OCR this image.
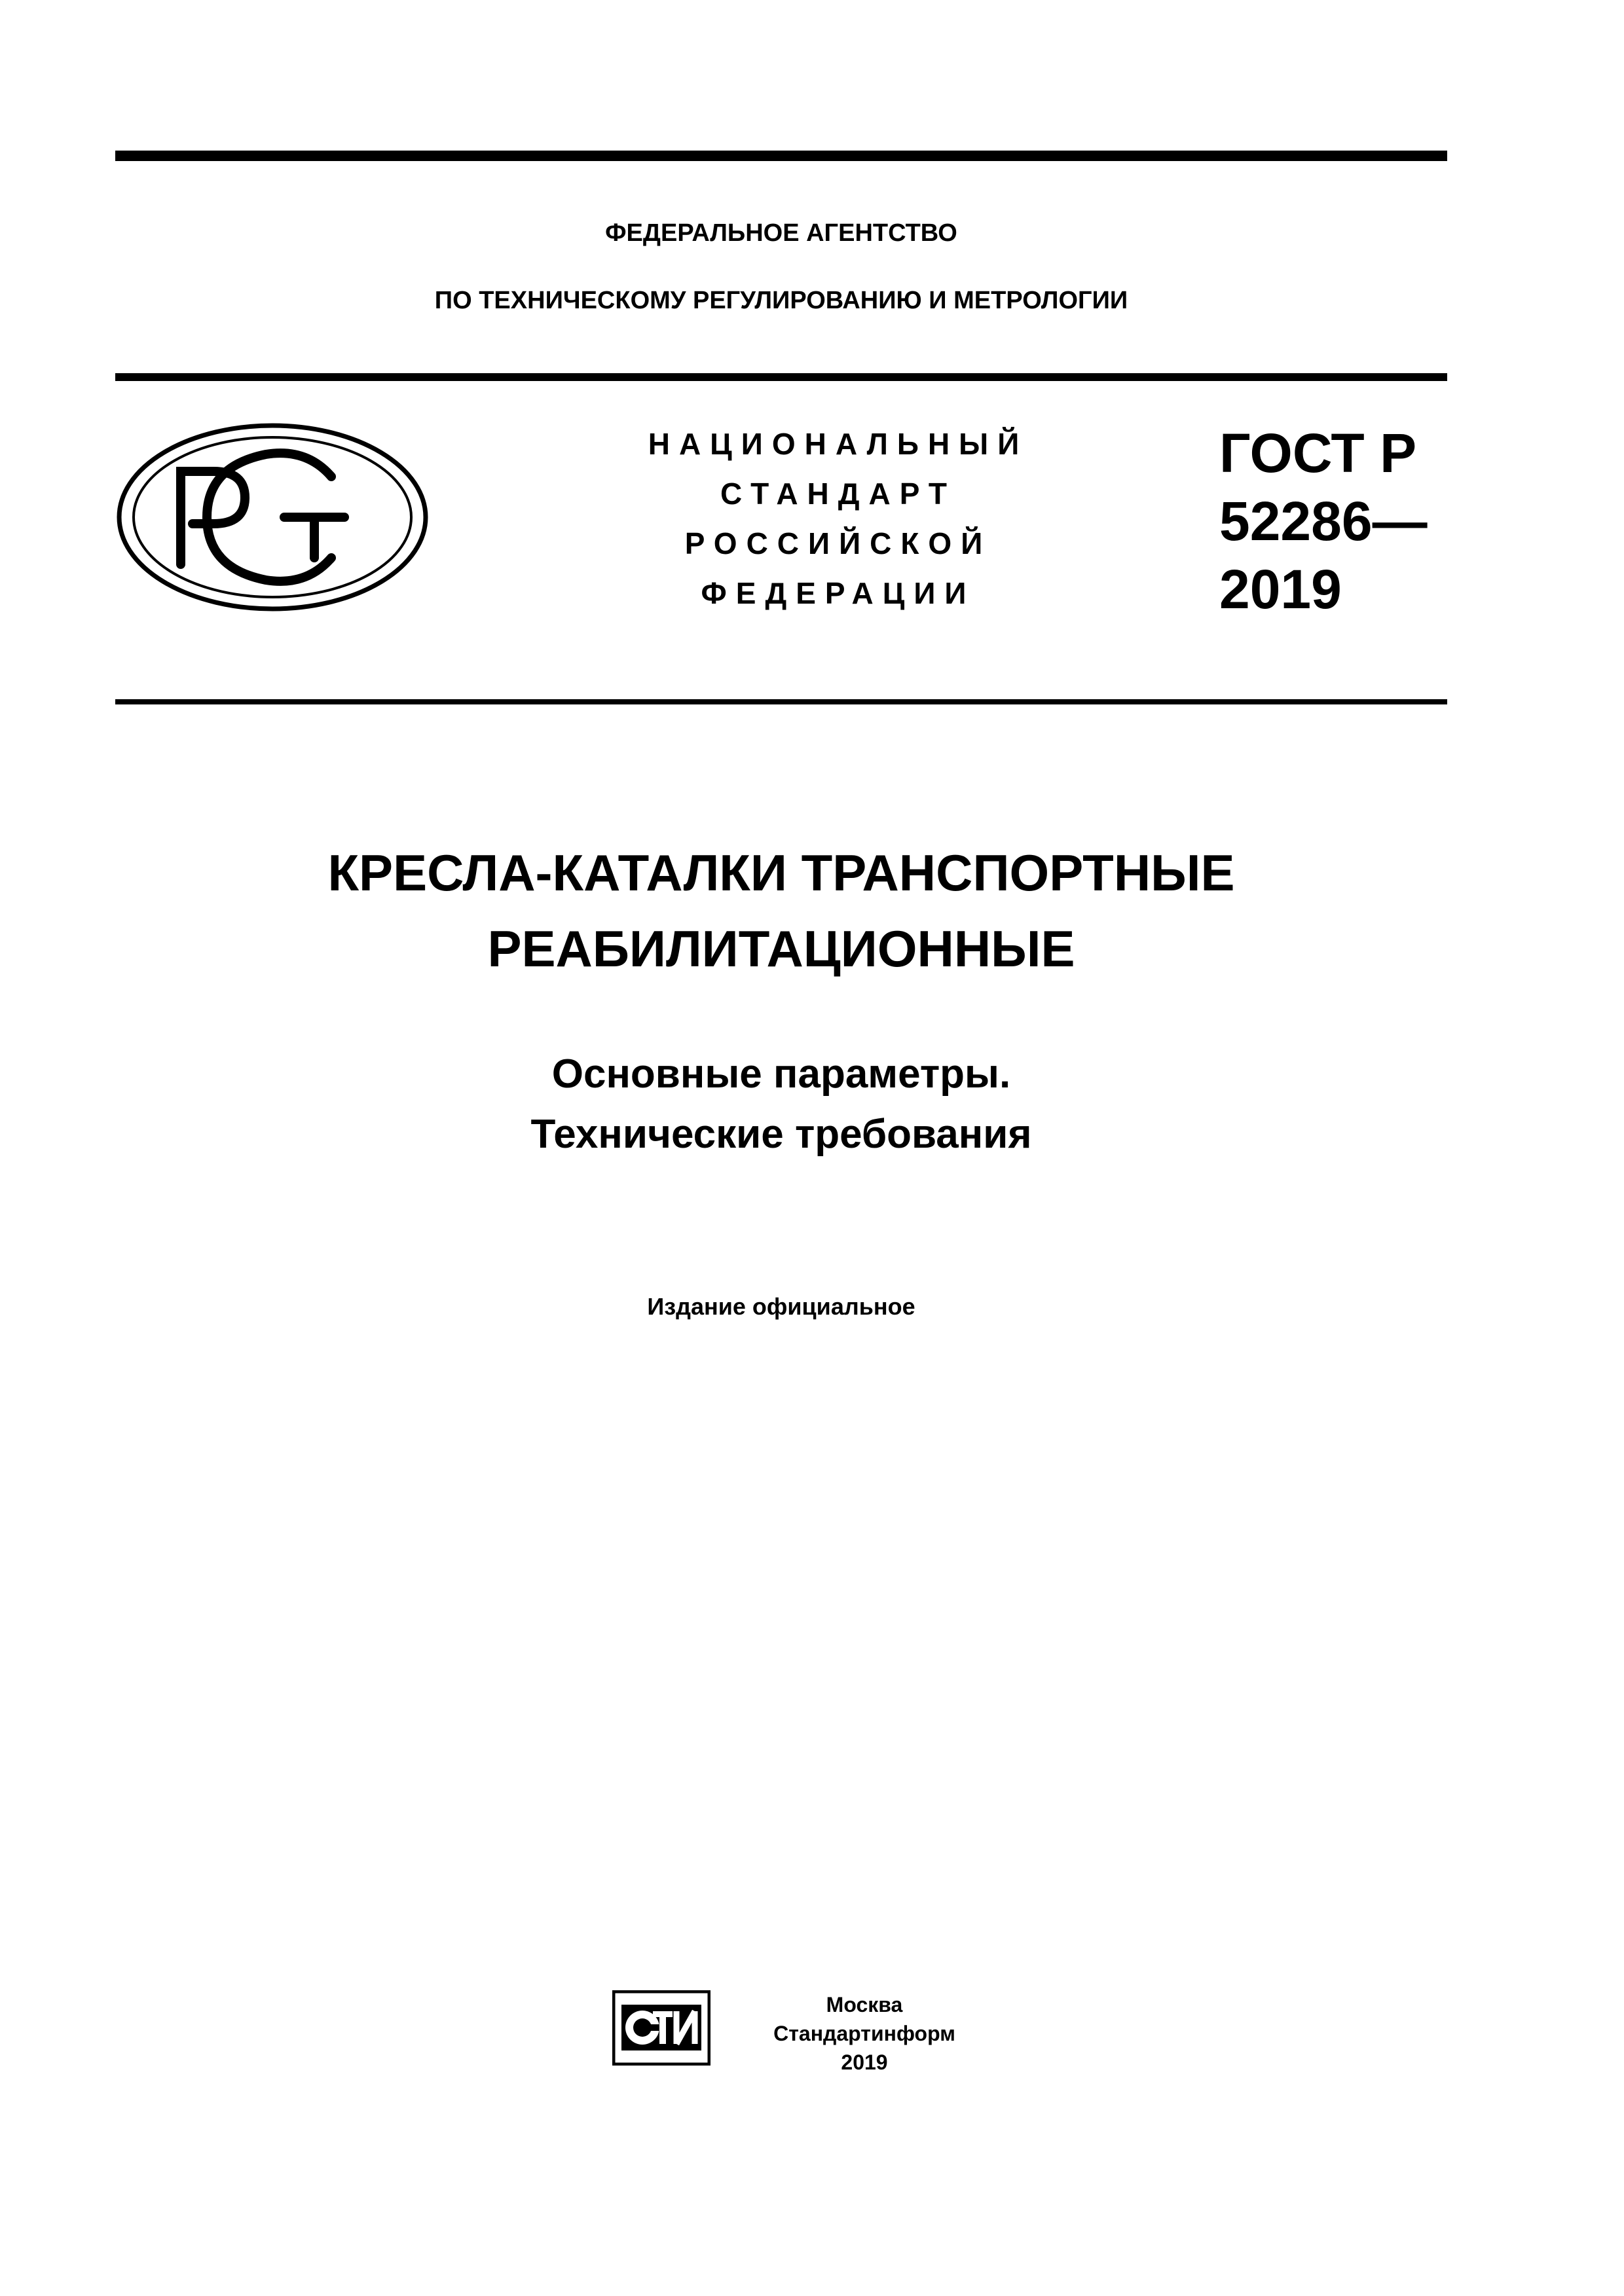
ФЕДЕРАЛЬНОЕ АГЕНТСТВО
ПО ТЕХНИЧЕСКОМУ РЕГУЛИРОВАНИЮ И МЕТРОЛОГИИ
НАЦИОНАЛЬНЫЙ
СТАНДАРТ
РОССИЙСКОЙ
ФЕДЕРАЦИИ
ГОСТ Р
52286—
2019
КРЕСЛА-КАТАЛКИ ТРАНСПОРТНЫЕ
РЕАБИЛИТАЦИОННЫЕ
Основные параметры.
Технические требования
Издание официальное
Москва
Стандартинформ
2019
